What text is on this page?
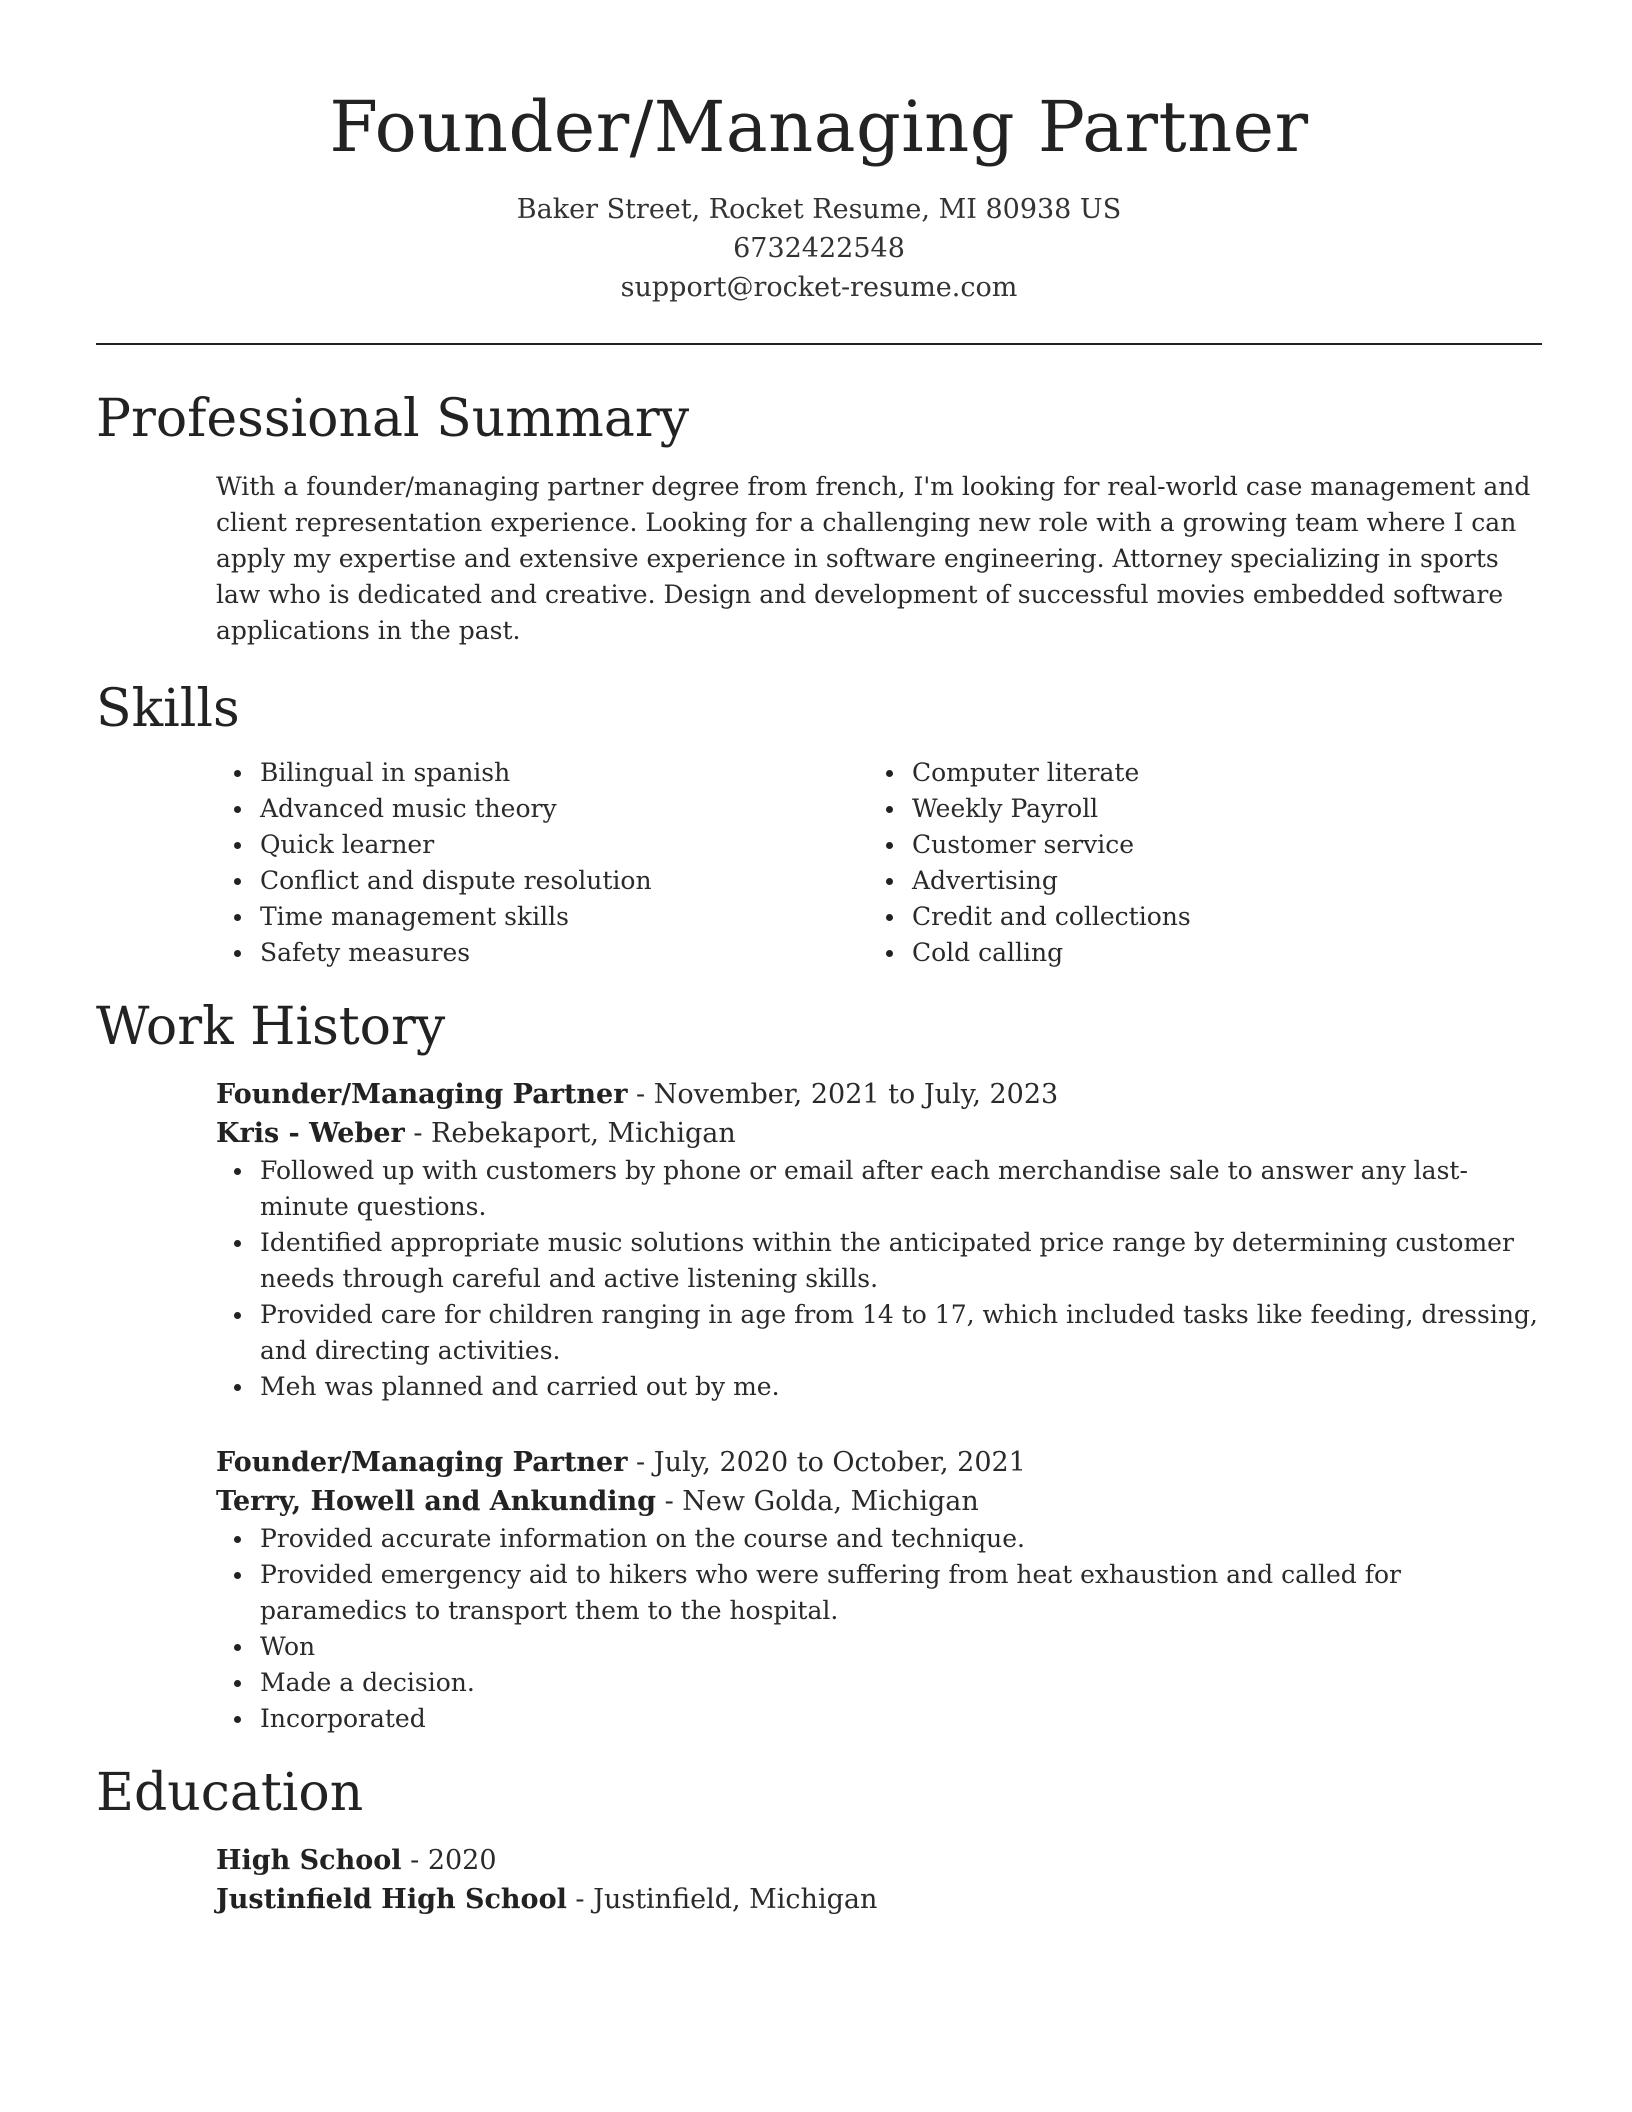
Founder/Managing Partner
Baker Street, Rocket Resume, MI 80938 US
6732422548
support@rocket-resume.com
Professional Summary
With a founder/managing partner degree from french, I'm looking for real-world case management and client representation experience. Looking for a challenging new role with a growing team where I can apply my expertise and extensive experience in software engineering. Attorney specializing in sports law who is dedicated and creative. Design and development of successful movies embedded software applications in the past.
Skills
Bilingual in spanish
Advanced music theory
Quick learner
Conflict and dispute resolution
Time management skills
Safety measures
Computer literate
Weekly Payroll
Customer service
Advertising
Credit and collections
Cold calling
Work History
Founder/Managing Partner - November, 2021 to July, 2023
Kris - Weber - Rebekaport, Michigan
Followed up with customers by phone or email after each merchandise sale to answer any last-minute questions.
Identified appropriate music solutions within the anticipated price range by determining customer needs through careful and active listening skills.
Provided care for children ranging in age from 14 to 17, which included tasks like feeding, dressing, and directing activities.
Meh was planned and carried out by me.
Founder/Managing Partner - July, 2020 to October, 2021
Terry, Howell and Ankunding - New Golda, Michigan
Provided accurate information on the course and technique.
Provided emergency aid to hikers who were suffering from heat exhaustion and called for paramedics to transport them to the hospital.
Won
Made a decision.
Incorporated
Education
High School - 2020
Justinfield High School - Justinfield, Michigan
